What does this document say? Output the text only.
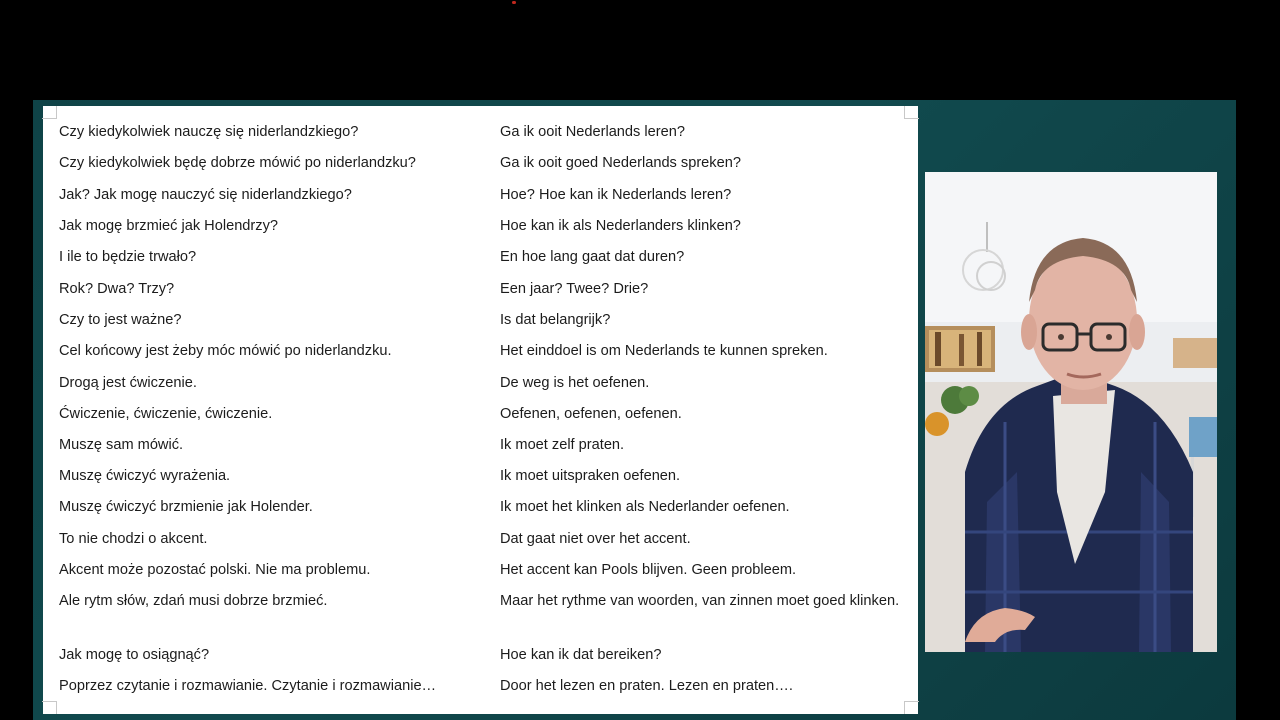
Czy kiedykolwiek nauczę się niderlandzkiego?	Ga ik ooit Nederlands leren?
Czy kiedykolwiek będę dobrze mówić po niderlandzku?	Ga ik ooit goed Nederlands spreken?
Jak? Jak mogę nauczyć się niderlandzkiego?	Hoe? Hoe kan ik Nederlands leren?
Jak mogę brzmieć jak Holendrzy?	Hoe kan ik als Nederlanders klinken?
I ile to będzie trwało?	En hoe lang gaat dat duren?
Rok? Dwa? Trzy?	Een jaar? Twee? Drie?
Czy to jest ważne?	Is dat belangrijk?
Cel końcowy jest żeby móc mówić po niderlandzku.	Het einddoel is om Nederlands te kunnen spreken.
Drogą jest ćwiczenie.	De weg is het oefenen.
Ćwiczenie, ćwiczenie, ćwiczenie.	Oefenen, oefenen, oefenen.
Muszę sam mówić.	Ik moet zelf praten.
Muszę ćwiczyć wyrażenia.	Ik moet uitspraken oefenen.
Muszę ćwiczyć brzmienie jak Holender.	Ik moet het klinken als Nederlander oefenen.
To nie chodzi o akcent.	Dat gaat niet over het accent.
Akcent może pozostać polski. Nie ma problemu.	Het accent kan Pools blijven. Geen probleem.
Ale rytm słów, zdań musi dobrze brzmieć.	Maar het rythme van woorden, van zinnen moet goed klinken.
Jak mogę to osiągnąć?	Hoe kan ik dat bereiken?
Poprzez czytanie i rozmawianie. Czytanie i rozmawianie…	Door het lezen en praten. Lezen en praten….
